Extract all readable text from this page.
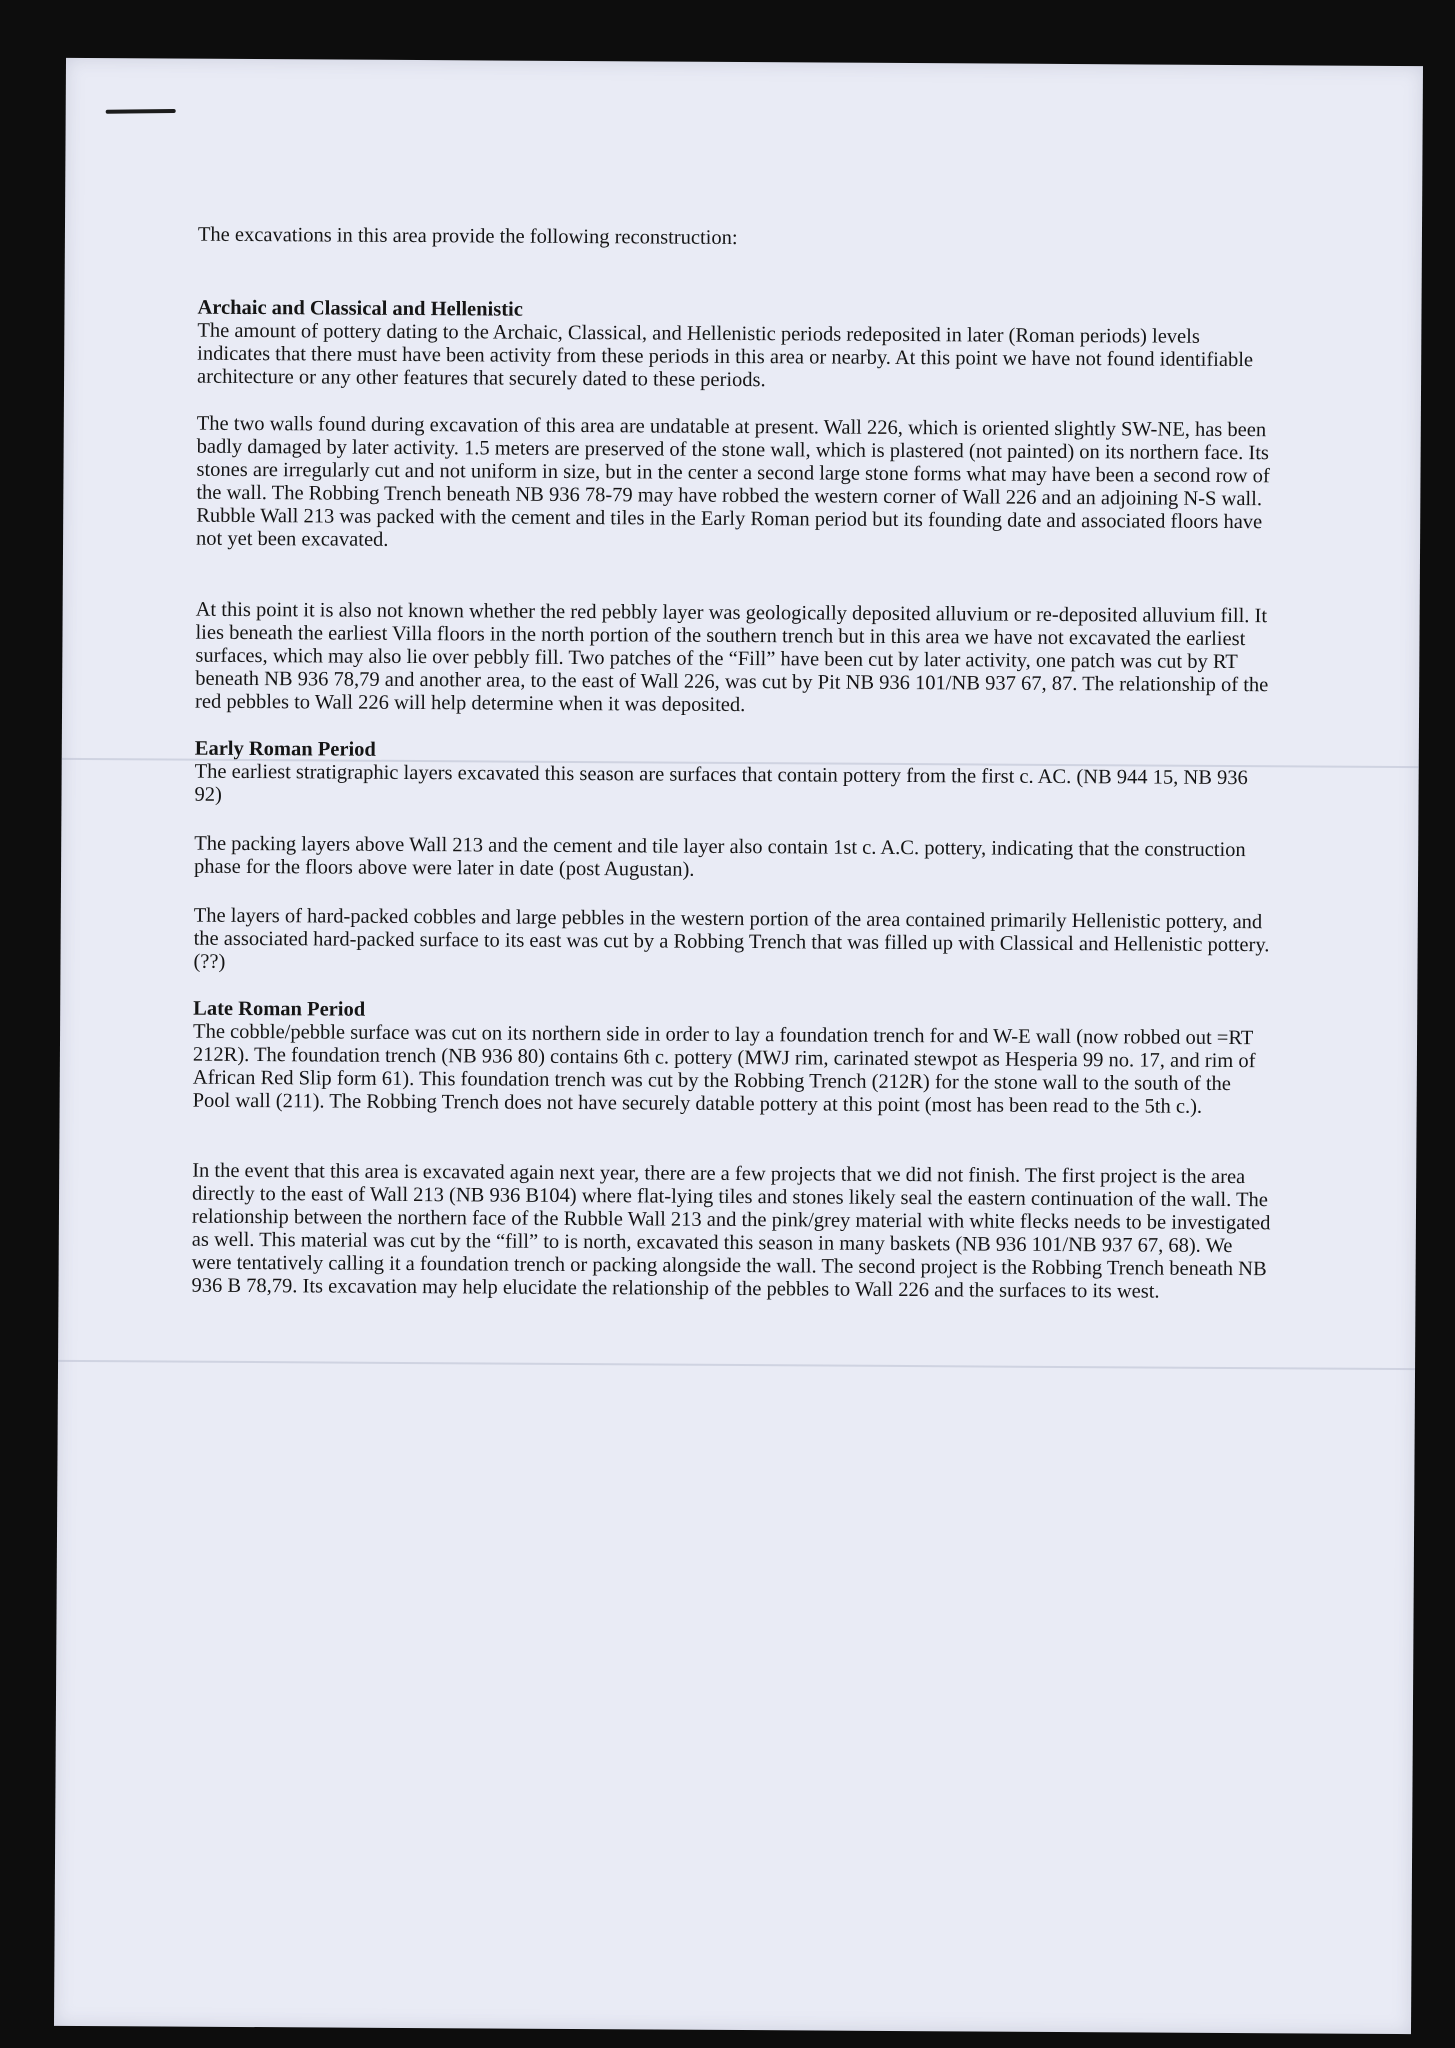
The excavations in this area provide the following reconstruction:

Archaic and Classical and Hellenistic

The amount of pottery dating to the Archaic, Classical, and Hellenistic periods redeposited in later (Roman periods) levels indicates that there must have been activity from these periods in this area or nearby. At this point we have not found identifiable architecture or any other features that securely dated to these periods.

The two walls found during excavation of this area are undatable at present. Wall 226, which is oriented slightly SW-NE, has been badly damaged by later activity. 1.5 meters are preserved of the stone wall, which is plastered (not painted) on its northern face. Its stones are irregularly cut and not uniform in size, but in the center a second large stone forms what may have been a second row of the wall. The Robbing Trench beneath NB 936 78-79 may have robbed the western corner of Wall 226 and an adjoining N-S wall. Rubble Wall 213 was packed with the cement and tiles in the Early Roman period but its founding date and associated floors have not yet been excavated.

At this point it is also not known whether the red pebbly layer was geologically deposited alluvium or re-deposited alluvium fill. It lies beneath the earliest Villa floors in the north portion of the southern trench but in this area we have not excavated the earliest surfaces, which may also lie over pebbly fill. Two patches of the “Fill” have been cut by later activity, one patch was cut by RT beneath NB 936 78,79 and another area, to the east of Wall 226, was cut by Pit NB 936 101/NB 937 67, 87. The relationship of the red pebbles to Wall 226 will help determine when it was deposited.

Early Roman Period

The earliest stratigraphic layers excavated this season are surfaces that contain pottery from the first c. AC. (NB 944 15, NB 936 92)

The packing layers above Wall 213 and the cement and tile layer also contain 1st c. A.C. pottery, indicating that the construction phase for the floors above were later in date (post Augustan).

The layers of hard-packed cobbles and large pebbles in the western portion of the area contained primarily Hellenistic pottery, and the associated hard-packed surface to its east was cut by a Robbing Trench that was filled up with Classical and Hellenistic pottery. (??)

Late Roman Period

The cobble/pebble surface was cut on its northern side in order to lay a foundation trench for and W-E wall (now robbed out =RT 212R). The foundation trench (NB 936 80) contains 6th c. pottery (MWJ rim, carinated stewpot as Hesperia 99 no. 17, and rim of African Red Slip form 61). This foundation trench was cut by the Robbing Trench (212R) for the stone wall to the south of the Pool wall (211). The Robbing Trench does not have securely datable pottery at this point (most has been read to the 5th c.).

In the event that this area is excavated again next year, there are a few projects that we did not finish. The first project is the area directly to the east of Wall 213 (NB 936 B104) where flat-lying tiles and stones likely seal the eastern continuation of the wall. The relationship between the northern face of the Rubble Wall 213 and the pink/grey material with white flecks needs to be investigated as well. This material was cut by the “fill” to is north, excavated this season in many baskets (NB 936 101/NB 937 67, 68). We were tentatively calling it a foundation trench or packing alongside the wall. The second project is the Robbing Trench beneath NB 936 B 78,79. Its excavation may help elucidate the relationship of the pebbles to Wall 226 and the surfaces to its west.
